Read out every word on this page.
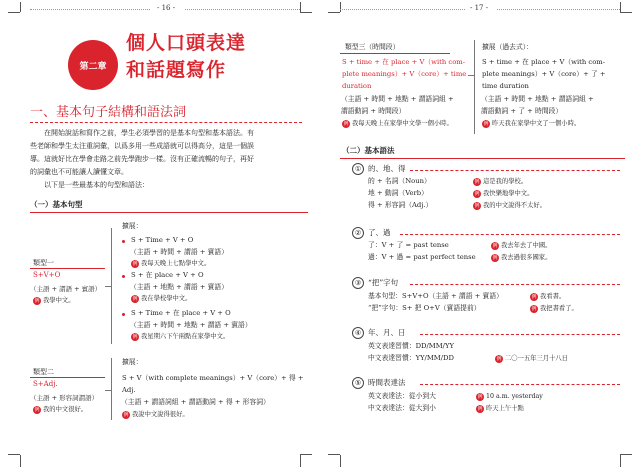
- 16 -
第二章
個人口頭表達
和話題寫作
一、基本句子結構和語法詞
在開始說話和寫作之前，學生必須學習的是基本句型和基本語法。有
些老師和學生太注重詞彙，以爲多用一些成語就可以得高分，這是一個誤
導。這就好比在學會走路之前先學跑步一樣。沒有正確流暢的句子，再好
的詞彙也不可能讓人讀懂文章。
以下是一些最基本的句型和語法：
（一）基本句型
類型一
S+V+O
（主語 + 謂語 + 賓語）
例 我學中文。
擴展：
S + Time + V + O
（主語 + 時間 + 謂語 + 賓語）
例 我每天晚上七點學中文。
S + 在 place + V + O
（主語 + 地點 + 謂語 + 賓語）
例 我在學校學中文。
S + Time + 在 place + V + O
（主語 + 時間 + 地點 + 謂語 + 賓語）
例 我星期六下午兩點在家學中文。
類型二
S+Adj.
（主語 + 形容詞謂語）
例 我的中文很好。
擴展：
S + V（with complete meanings）+ V（core）+ 得 +
Adj.
（主語 + 謂語詞組 + 謂語動詞 + 得 + 形容詞）
例 我說中文說得很好。
- 17 -
類型三（時間段）
S + time + 在 place + V（with com-
plete meanings）+ V（core）+ time
duration
（主語 + 時間 + 地點 + 謂語詞組 +
謂語動詞 + 時間段）
例 我每天晚上在家學中文學一個小時。
擴展（過去式）：
S + time + 在 place + V（with com-
plete meanings）+ V（core）+ 了 +
time duration
（主語 + 時間 + 地點 + 謂語詞組 +
謂語動詞 + 了 + 時間段）
例 昨天我在家學中文了一個小時。
（二）基本語法
① 的、地、得
的 + 名詞（Noun）	例 這是我的學校。
地 + 動詞（Verb）	例 我快樂地學中文。
得 + 形容詞（Adj.）	例 我的中文說得不太好。
② 了、過
了：V + 了 = past tense	例 我去年去了中國。
過：V + 過 = past perfect tense	例 我去過很多國家。
③ “把”字句
基本句型：S+V+O（主語 + 謂語 + 賓語）	例 我看書。
“把”字句：S+ 把 O+V（賓語提前）	例 我把書看了。
④ 年、月、日
英文表達習慣：DD/MM/YY
中文表達習慣：YY/MM/DD	例 二〇一五年三月十八日
⑤ 時間表達法
英文表達法：從小到大	例 10 a.m. yesterday
中文表達法：從大到小	例 昨天上午十點
